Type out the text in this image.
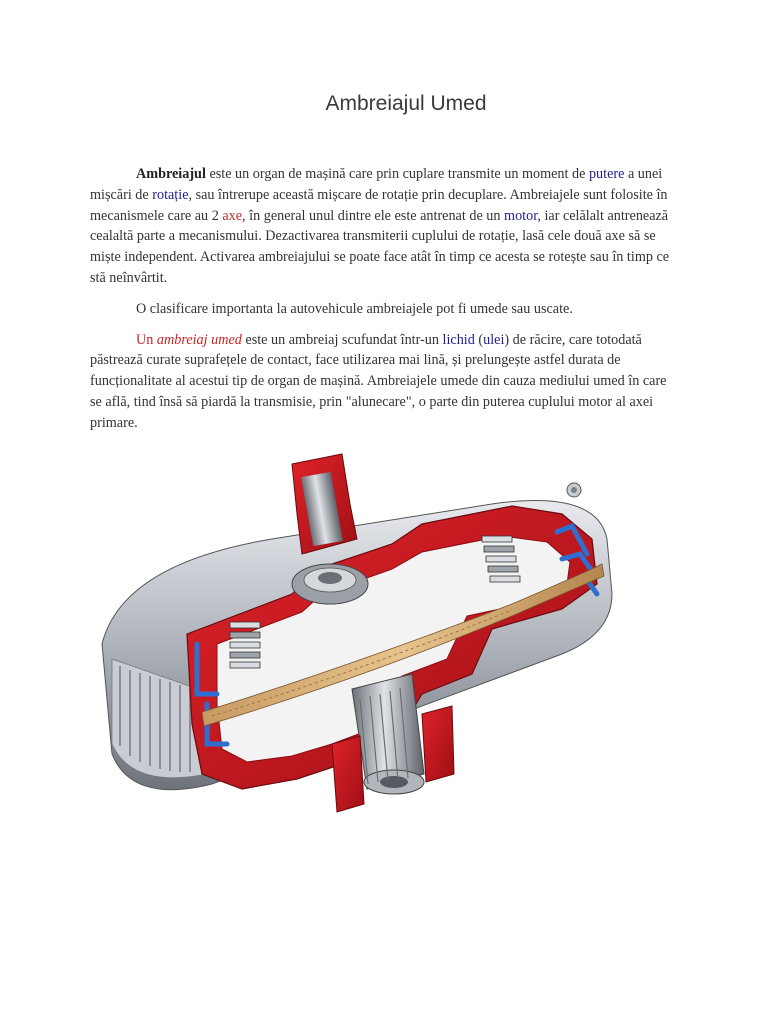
Ambreiajul Umed

Ambreiajul este un organ de mașină care prin cuplare transmite un moment de putere a unei mișcări de rotație, sau întrerupe această mișcare de rotație prin decuplare. Ambreiajele sunt folosite în mecanismele care au 2 axe, în general unul dintre ele este antrenat de un motor, iar celălalt antrenează cealaltă parte a mecanismului. Dezactivarea transmiterii cuplului de rotație, lasă cele două axe să se miște independent. Activarea ambreiajului se poate face atât în timp ce acesta se rotește sau în timp ce stă neînvârtit.

O clasificare importanta la autovehicule ambreiajele pot fi umede sau uscate.

Un ambreiaj umed este un ambreiaj scufundat într-un lichid (ulei) de răcire, care totodată păstrează curate suprafețele de contact, face utilizarea mai lină, și prelungește astfel durata de funcționalitate al acestui tip de organ de mașină. Ambreiajele umede din cauza mediului umed în care se află, tind însă să piardă la transmisie, prin "alunecare", o parte din puterea cuplului motor al axei primare.
